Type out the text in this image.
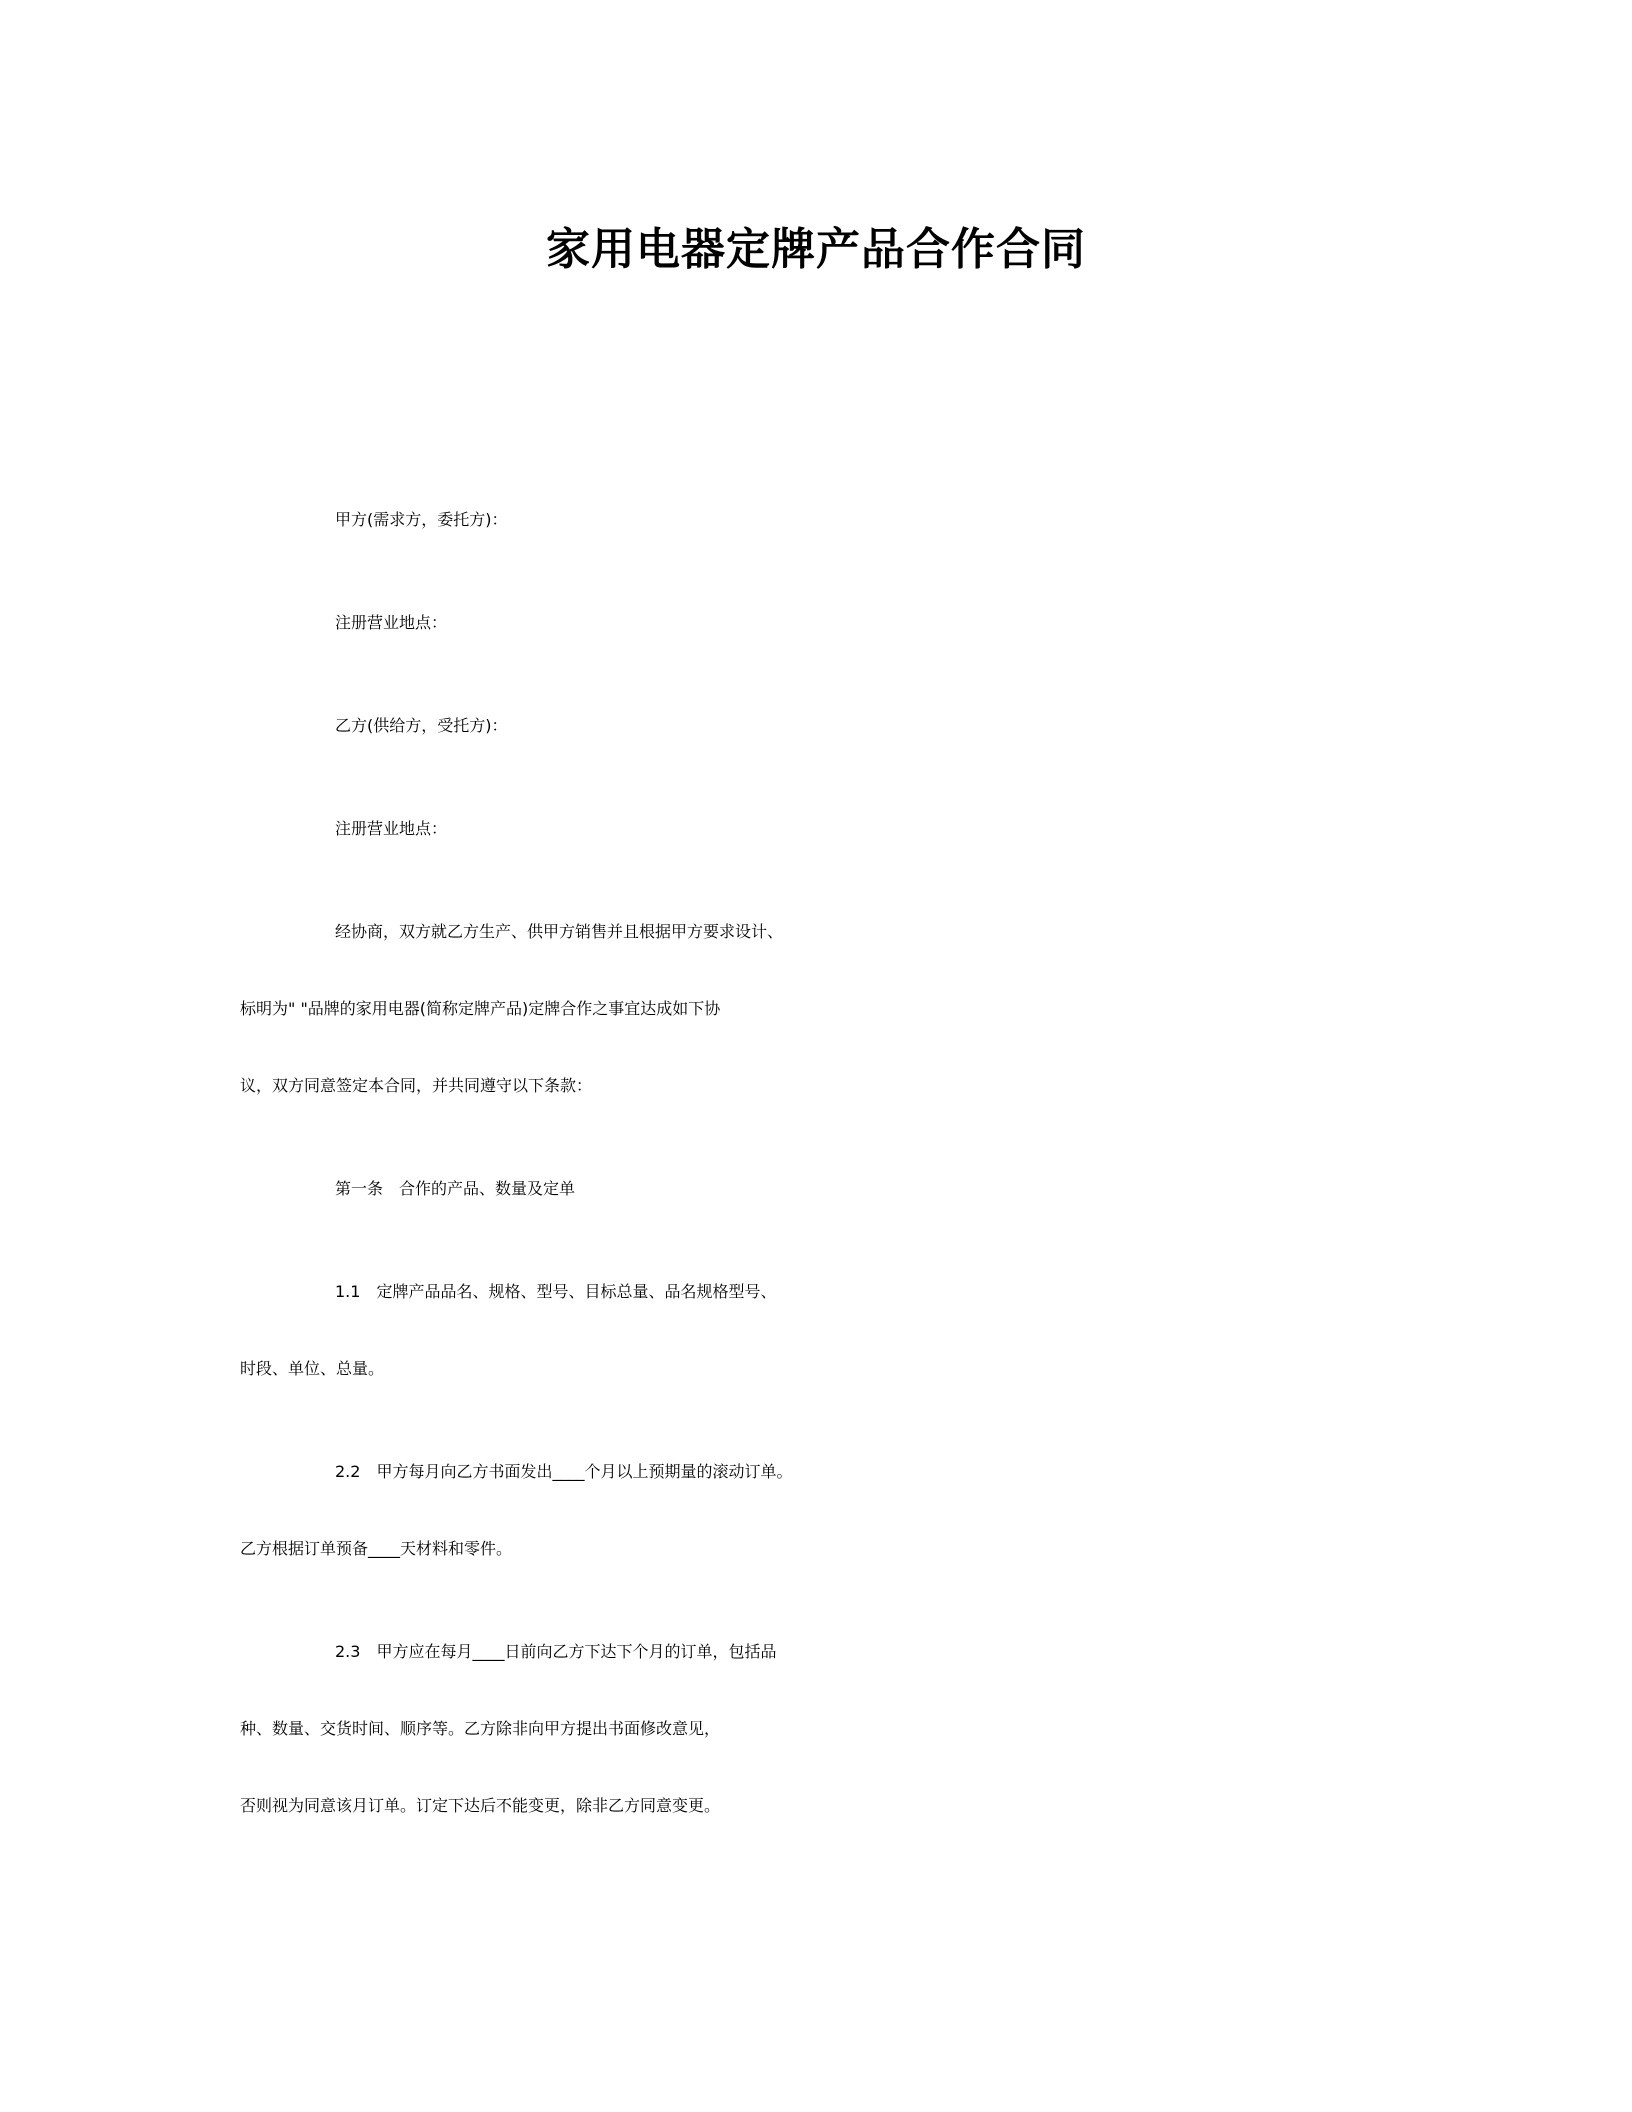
家用电器定牌产品合作合同
甲方(需求方，委托方)：
注册营业地点：
乙方(供给方，受托方)：
注册营业地点：
经协商，双方就乙方生产、供甲方销售并且根据甲方要求设计、
标明为" "品牌的家用电器(简称定牌产品)定牌合作之事宜达成如下协
议，双方同意签定本合同，并共同遵守以下条款：
第一条　合作的产品、数量及定单
1.1　定牌产品品名、规格、型号、目标总量、品名规格型号、
时段、单位、总量。
2.2　甲方每月向乙方书面发出____个月以上预期量的滚动订单。
乙方根据订单预备____天材料和零件。
2.3　甲方应在每月____日前向乙方下达下个月的订单，包括品
种、数量、交货时间、顺序等。乙方除非向甲方提出书面修改意见，
否则视为同意该月订单。订定下达后不能变更，除非乙方同意变更。
